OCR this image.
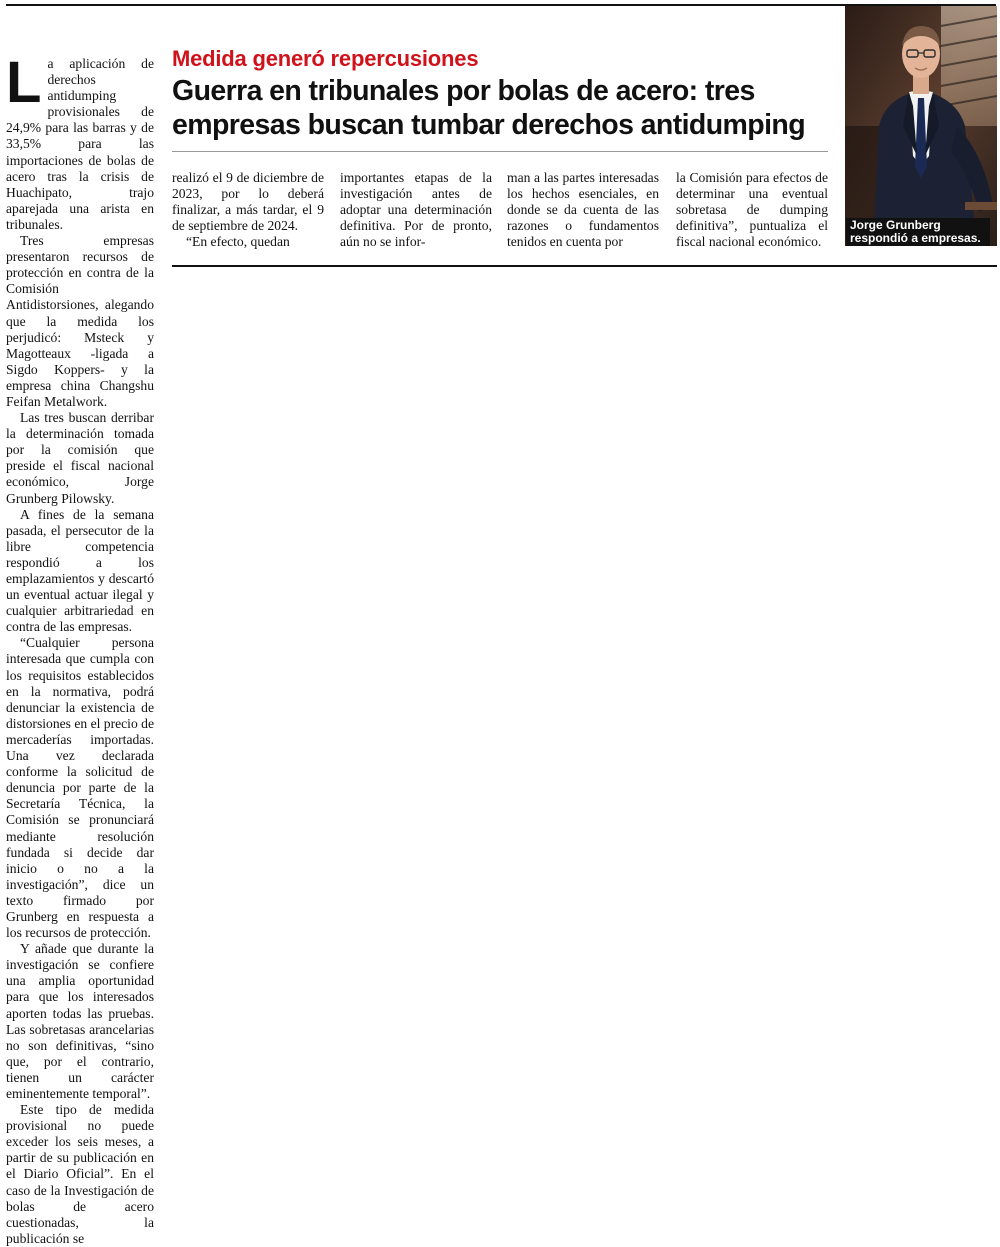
La aplicación de derechos antidumping provisionales de 24,9% para las barras y de 33,5% para las importaciones de bolas de acero tras la crisis de Huachipato, trajo aparejada una arista en tribunales.

Tres empresas presentaron recursos de protección en contra de la Comisión Antidistorsiones, alegando que la medida los perjudicó: Msteck y Magotteaux -ligada a Sigdo Koppers- y la empresa china Changshu Feifan Metalwork.

Las tres buscan derribar la determinación tomada por la comisión que preside el fiscal nacional económico, Jorge Grunberg Pilowsky.

A fines de la semana pasada, el persecutor de la libre competencia respondió a los emplazamientos y descartó un eventual actuar ilegal y cualquier arbitrariedad en contra de las empresas.

“Cualquier persona interesada que cumpla con los requisitos establecidos en la normativa, podrá denunciar la existencia de distorsiones en el precio de mercaderías importadas. Una vez declarada conforme la solicitud de denuncia por parte de la Secretaría Técnica, la Comisión se pronunciará mediante resolución fundada si decide dar inicio o no a la investigación”, dice un texto firmado por Grunberg en respuesta a los recursos de protección.

Y añade que durante la investigación se confiere una amplia oportunidad para que los interesados aporten todas las pruebas. Las sobretasas arancelarias no son definitivas, “sino que, por el contrario, tienen un carácter eminentemente temporal”.

Este tipo de medida provisional no puede exceder los seis meses, a partir de su publicación en el Diario Oficial”. En el caso de la Investigación de bolas de acero cuestionadas, la publicación se

Medida generó repercusiones
Guerra en tribunales por bolas de acero: tres empresas buscan tumbar derechos antidumping

realizó el 9 de diciembre de 2023, por lo deberá finalizar, a más tardar, el 9 de septiembre de 2024.

“En efecto, quedan

importantes etapas de la investigación antes de adoptar una determinación definitiva. Por de pronto, aún no se infor-

man a las partes interesadas los hechos esenciales, en donde se da cuenta de las razones o fundamentos tenidos en cuenta por

la Comisión para efectos de determinar una eventual sobretasa de dumping definitiva”, puntualiza el fiscal nacional económico.

Jorge Grunberg respondió a empresas.
